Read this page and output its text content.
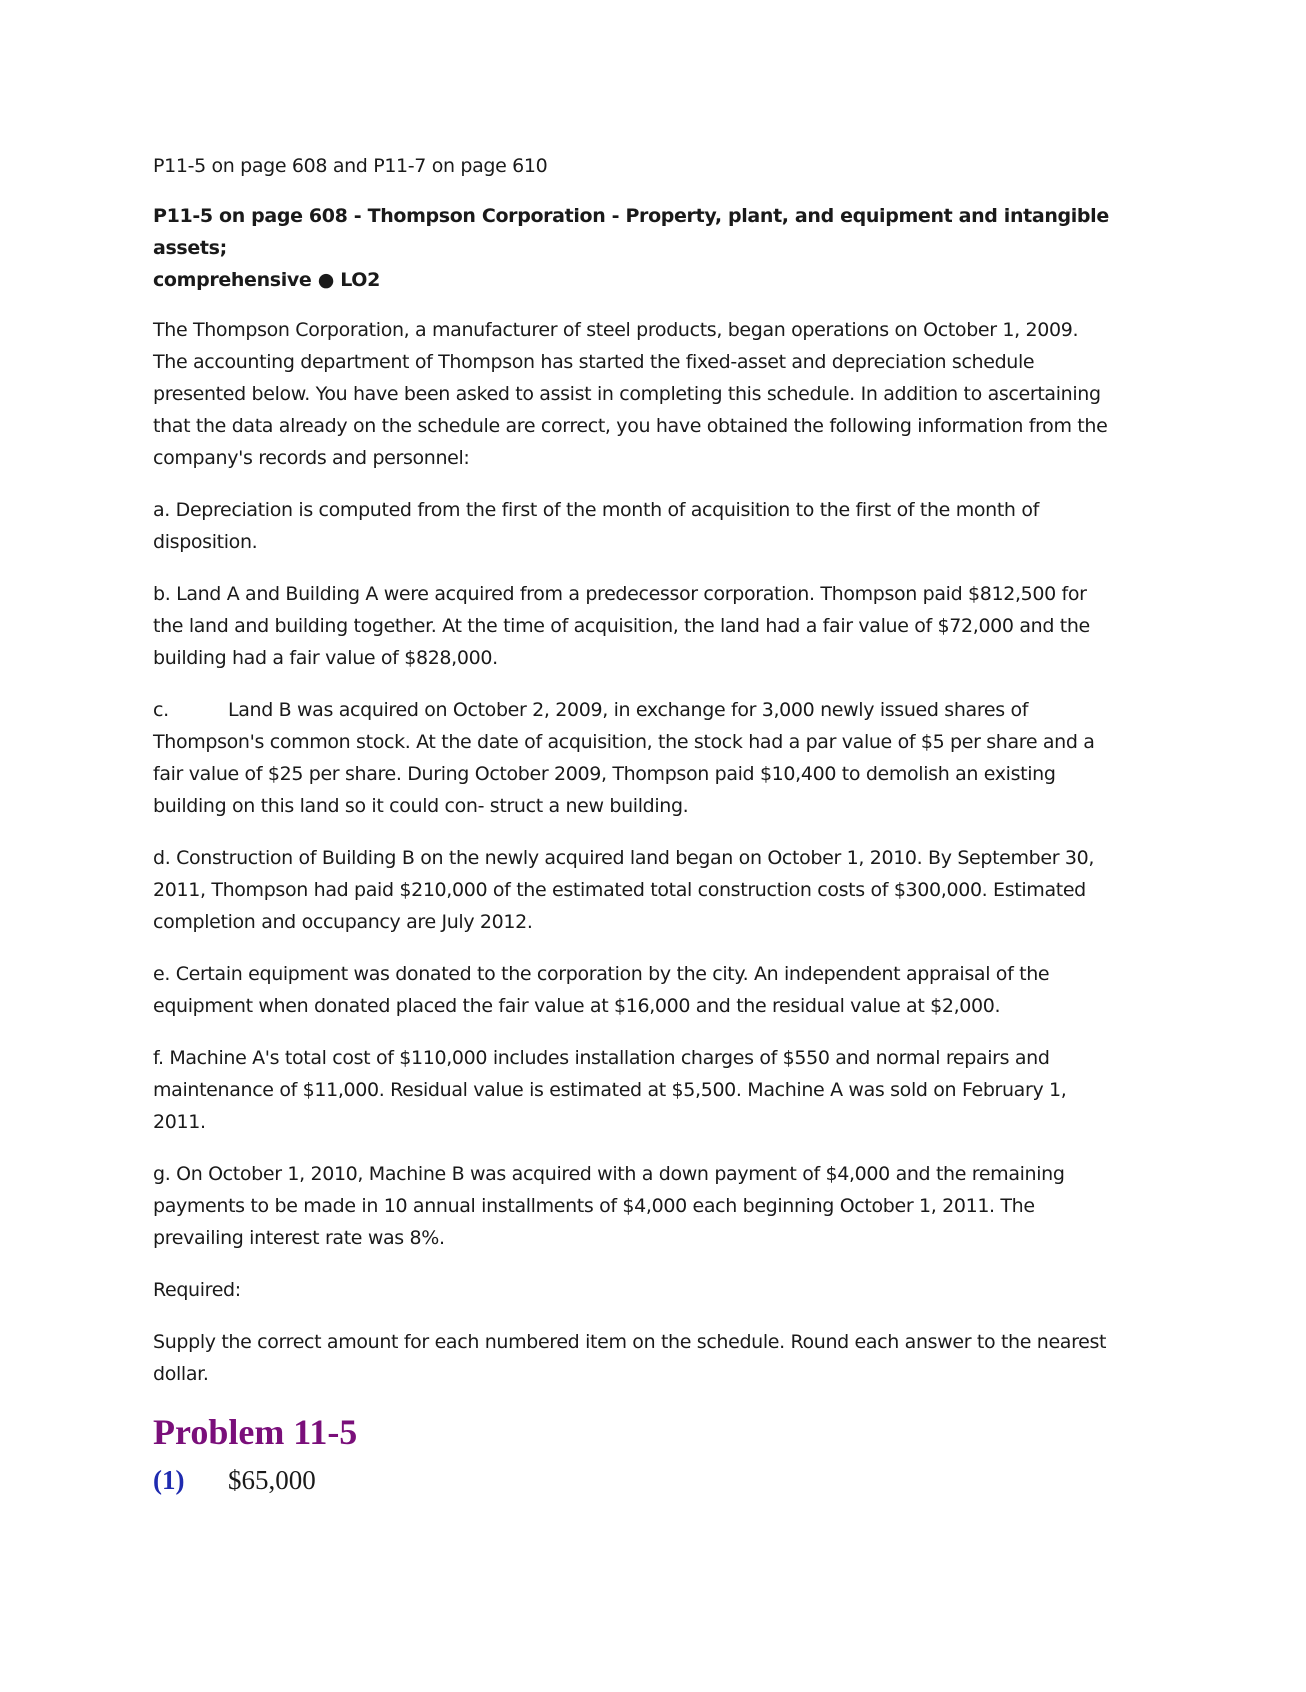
P11-5 on page 608 and P11-7 on page 610

P11-5 on page 608 - Thompson Corporation - Property, plant, and equipment and intangible assets;
comprehensive ● LO2

The Thompson Corporation, a manufacturer of steel products, began operations on October 1, 2009.
The accounting department of Thompson has started the fixed-asset and depreciation schedule
presented below. You have been asked to assist in completing this schedule. In addition to ascertaining
that the data already on the schedule are correct, you have obtained the following information from the
company's records and personnel:

a. Depreciation is computed from the first of the month of acquisition to the first of the month of
disposition.

b. Land A and Building A were acquired from a predecessor corporation. Thompson paid $812,500 for
the land and building together. At the time of acquisition, the land had a fair value of $72,000 and the
building had a fair value of $828,000.

c.	Land B was acquired on October 2, 2009, in exchange for 3,000 newly issued shares of
Thompson's common stock. At the date of acquisition, the stock had a par value of $5 per share and a
fair value of $25 per share. During October 2009, Thompson paid $10,400 to demolish an existing
building on this land so it could con- struct a new building.

d. Construction of Building B on the newly acquired land began on October 1, 2010. By September 30,
2011, Thompson had paid $210,000 of the estimated total construction costs of $300,000. Estimated
completion and occupancy are July 2012.

e. Certain equipment was donated to the corporation by the city. An independent appraisal of the
equipment when donated placed the fair value at $16,000 and the residual value at $2,000.

f. Machine A's total cost of $110,000 includes installation charges of $550 and normal repairs and
maintenance of $11,000. Residual value is estimated at $5,500. Machine A was sold on February 1,
2011.

g. On October 1, 2010, Machine B was acquired with a down payment of $4,000 and the remaining
payments to be made in 10 annual installments of $4,000 each beginning October 1, 2011. The
prevailing interest rate was 8%.

Required:

Supply the correct amount for each numbered item on the schedule. Round each answer to the nearest
dollar.

Problem 11-5
(1) $65,000
